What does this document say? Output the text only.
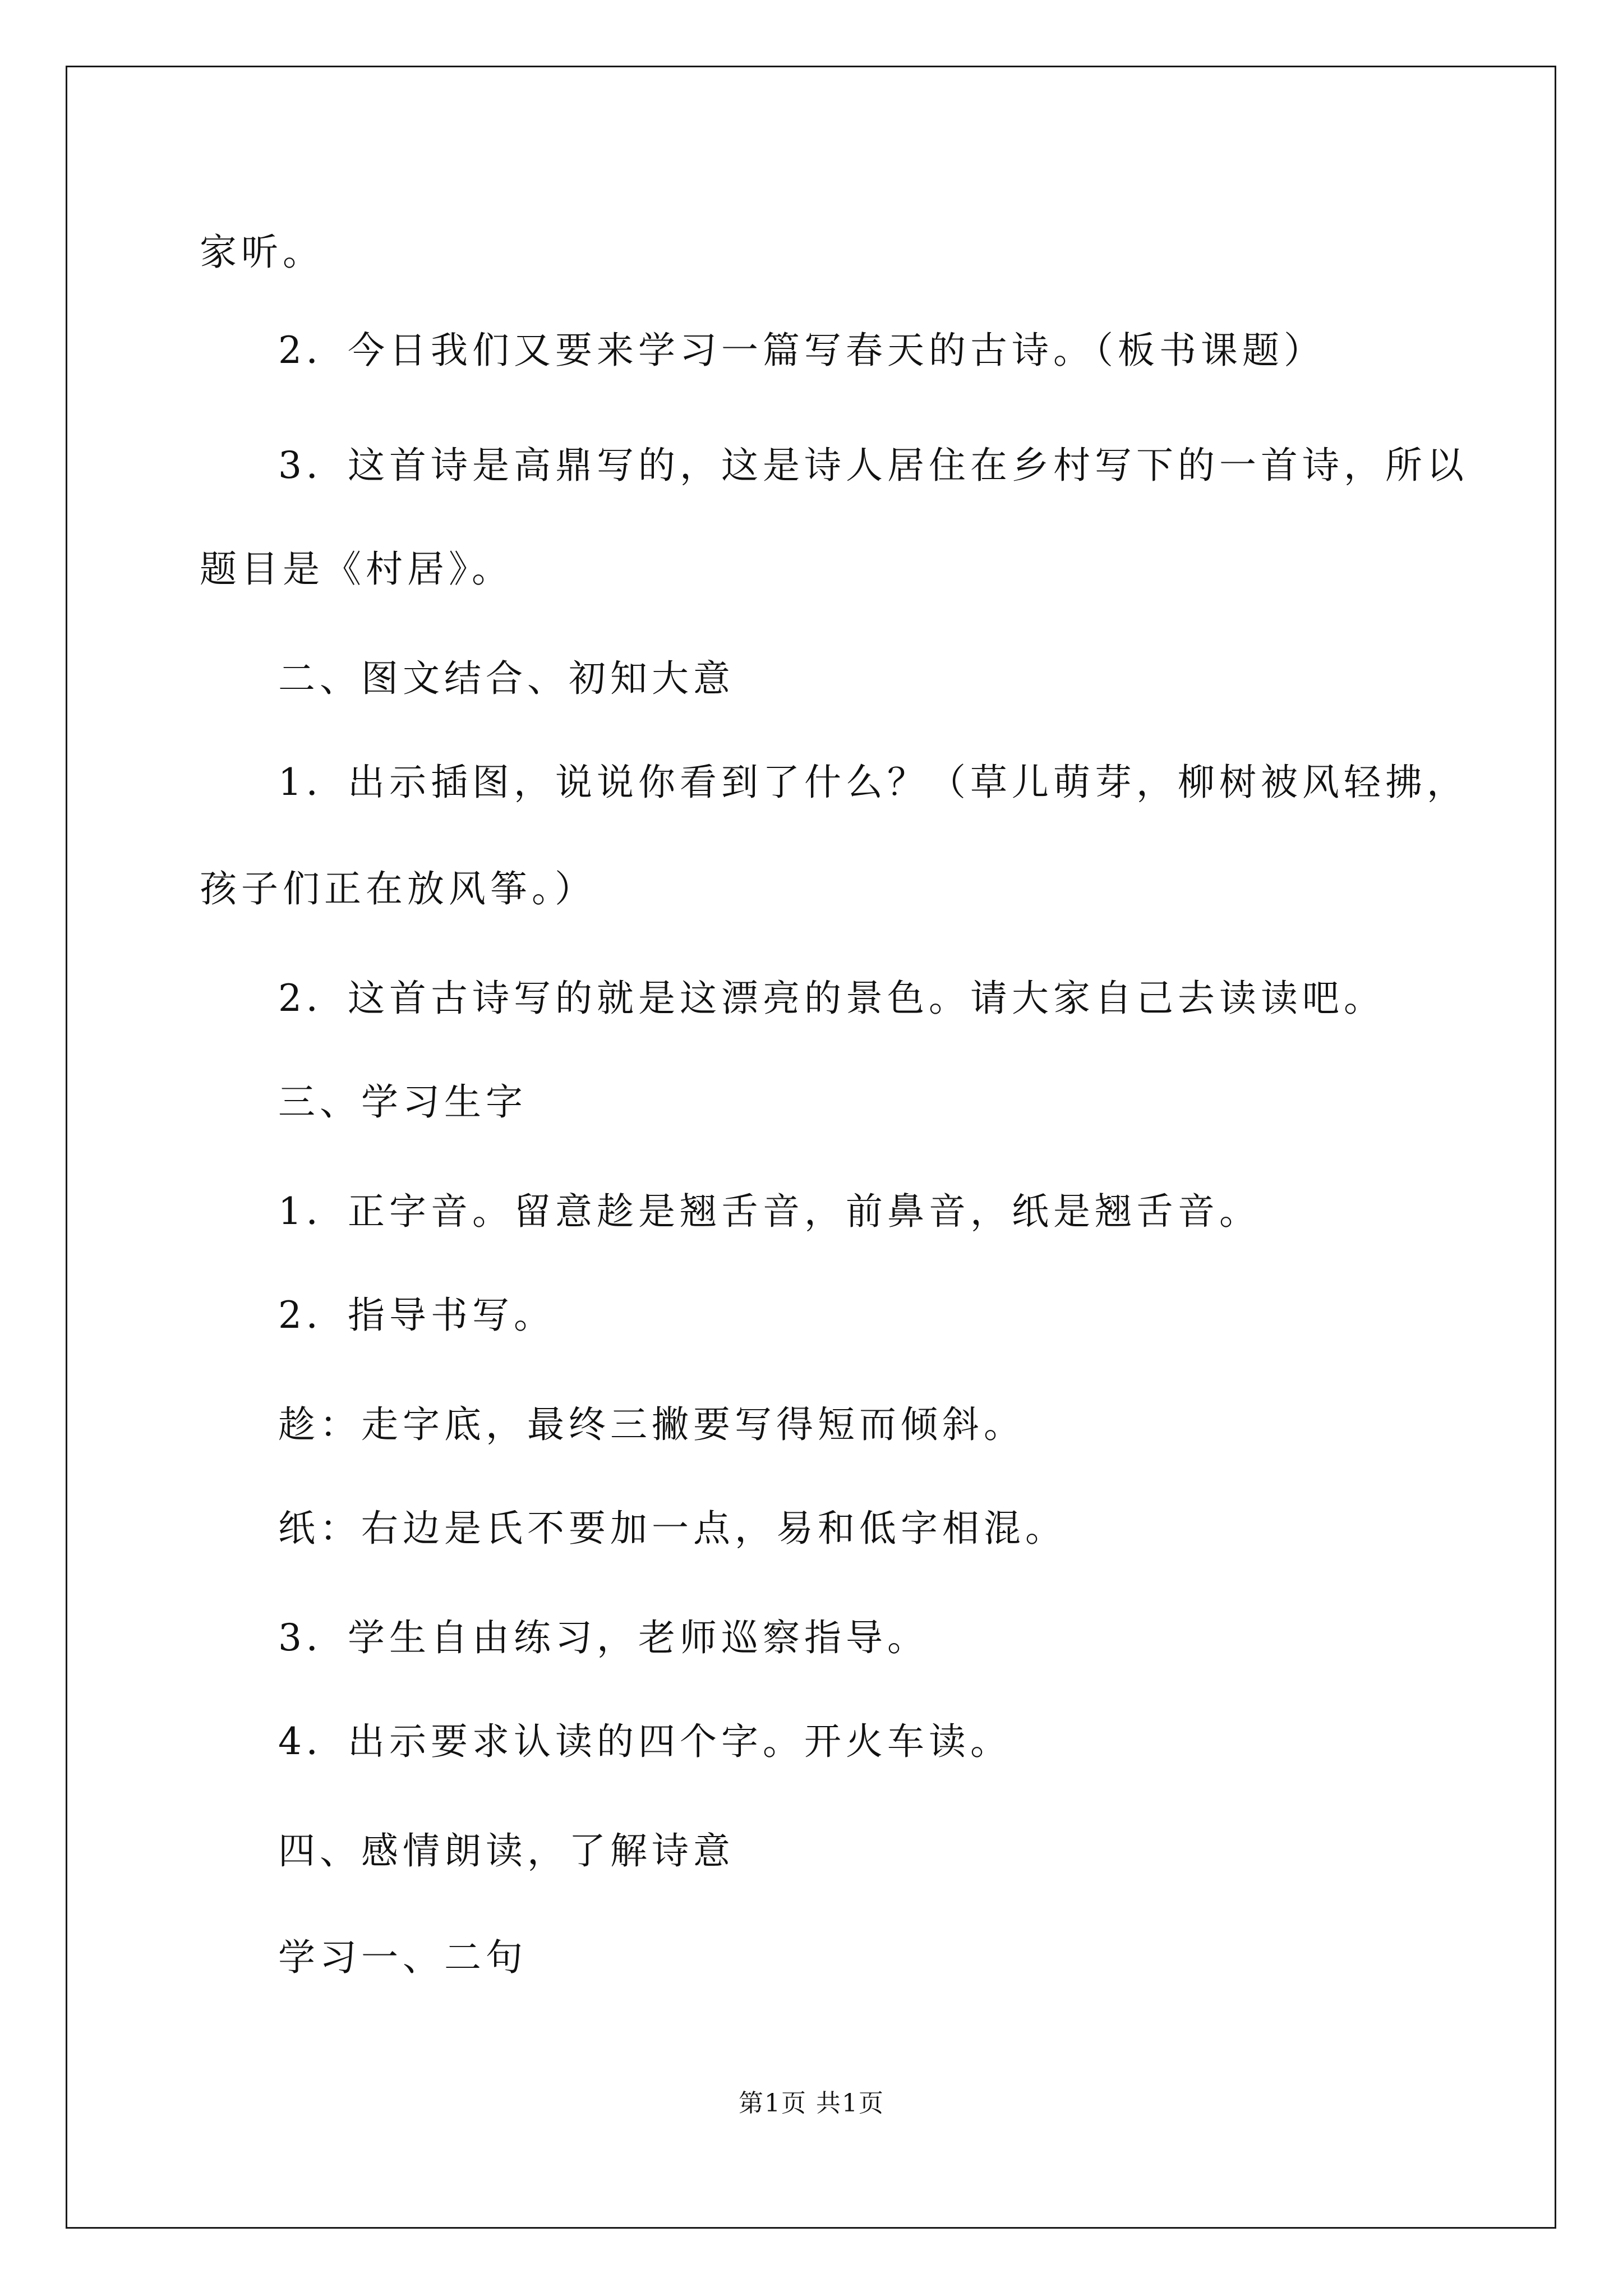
家听。
2．今日我们又要来学习一篇写春天的古诗。（板书课题）
3．这首诗是高鼎写的，这是诗人居住在乡村写下的一首诗，所以
题目是《村居》。
二、图文结合、初知大意
1．出示插图，说说你看到了什么？（草儿萌芽，柳树被风轻拂，
孩子们正在放风筝。）
2．这首古诗写的就是这漂亮的景色。请大家自己去读读吧。
三、学习生字
1．正字音。留意趁是翘舌音，前鼻音，纸是翘舌音。
2．指导书写。
趁：走字底，最终三撇要写得短而倾斜。
纸：右边是氏不要加一点，易和低字相混。
3．学生自由练习，老师巡察指导。
4．出示要求认读的四个字。开火车读。
四、感情朗读，了解诗意
学习一、二句
第1页 共1页
